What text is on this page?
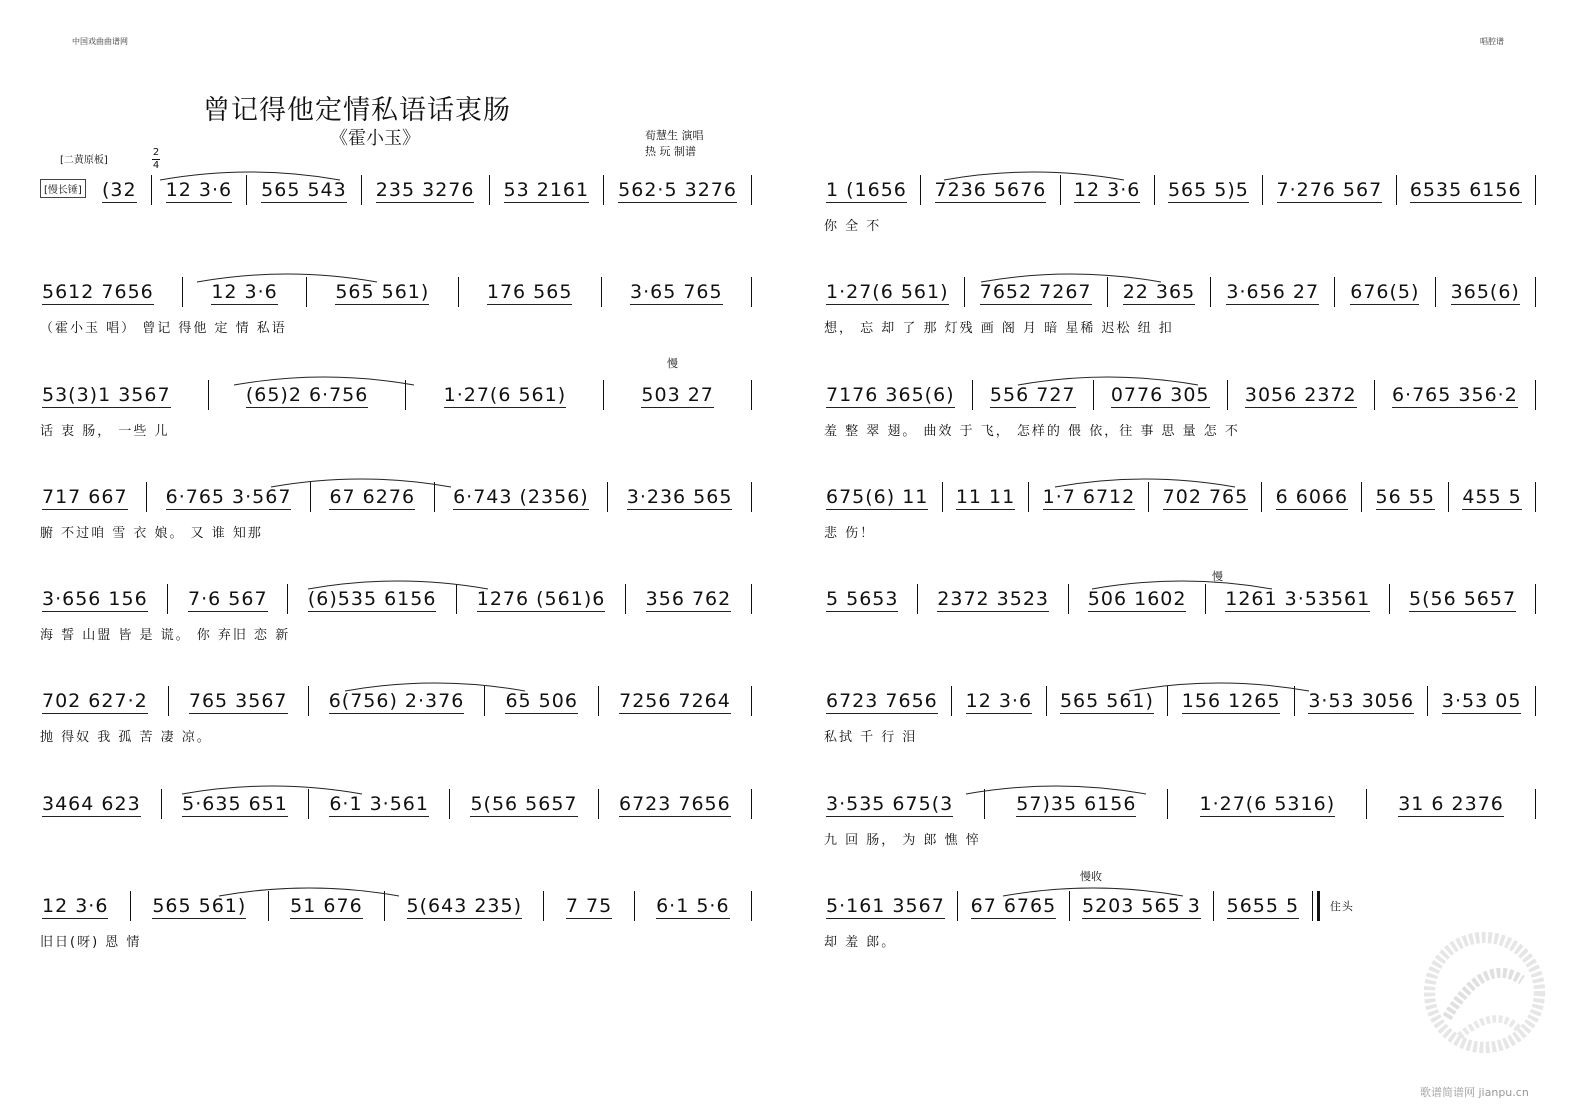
中国戏曲曲谱网	唱腔谱
曾记得他定情私语话衷肠
《霍小玉》	荀慧生 演唱
热 玩 制谱
[二黄原板]
2
4
[慢长锤] (32 12 3·6 565 543 235 3276 53 2161 562·5 3276
5612 7656	12 3·6	565 561)	176 565	3·65 765
（霍小玉 唱） 曾记 得他 定 情 私语
53(3)1 3567	(65)2 6·756	1·27(6 561)	503 27
话 衷 肠， 一些 儿
717 667 6·765 3·567 67 6276 6·743 (2356) 3·236 565
腑 不过咱 雪 衣 娘。 又 谁 知那
3·656 156 7·6 567 (6)535 6156 1276 (561)6 356 762
海 誓 山盟 皆 是 谎。 你 弃旧 恋 新
702 627·2 765 3567 6(756) 2·376 65 506 7256 7264
抛 得奴 我 孤 苦 凄 凉。
3464 623 5·635 651 6·1 3·561 5(56 5657 6723 7656
12 3·6 565 561) 51 676 5(643 235) 7 75 6·1 5·6
旧日(呀) 恩 情
1 (1656 7236 5676 12 3·6 565 5)5 7·276 567 6535 6156
你 全 不
1·27(6 561) 7652 7267 22 365 3·656 27 676(5) 365(6)
想， 忘 却 了 那 灯残 画 阁 月 暗 星稀 迟松 纽 扣
7176 365(6) 556 727 0776 305 3056 2372 6·765 356·2
羞 整 翠 翅。 曲效 于 飞， 怎样的 偎 依，往 事 思 量 怎 不
675(6) 11 11 11 1·7 6712 702 765 6 6066 56 55 455 5
悲 伤！
5 5653 2372 3523 506 1602 1261 3·53561 5(56 5657
6723 7656 12 3·6 565 561) 156 1265 3·53 3056 3·53 05
私拭 千 行 泪
3·535 675(3	57)35 6156	1·27(6 5316)	31 6 2376
九 回 肠， 为 郎 憔 悴
5·161 3567 67 6765 5203 565 3 5655 5	住头
却 羞 郎。
慢
慢
慢收
歌谱简谱网 jianpu.cn
